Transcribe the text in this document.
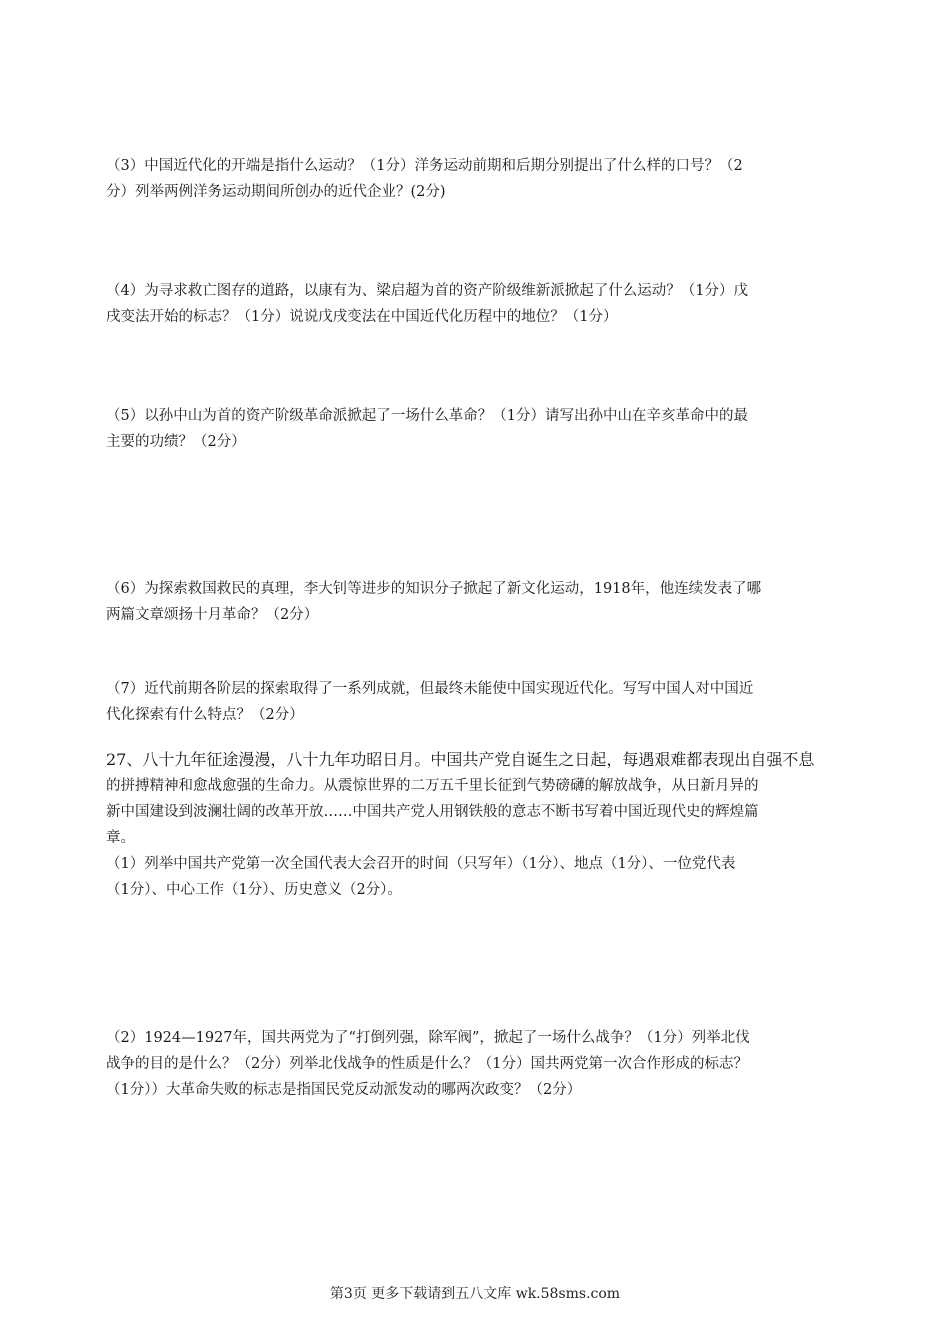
（3）中国近代化的开端是指什么运动？（1分）洋务运动前期和后期分别提出了什么样的口号？（2
分）列举两例洋务运动期间所创办的近代企业？(2分)
（4）为寻求救亡图存的道路，以康有为、梁启超为首的资产阶级维新派掀起了什么运动？（1分）戊
戌变法开始的标志？（1分）说说戊戌变法在中国近代化历程中的地位？（1分）
（5）以孙中山为首的资产阶级革命派掀起了一场什么革命？（1分）请写出孙中山在辛亥革命中的最
主要的功绩？（2分）
（6）为探索救国救民的真理，李大钊等进步的知识分子掀起了新文化运动，1918年，他连续发表了哪
两篇文章颂扬十月革命？（2分）
（7）近代前期各阶层的探索取得了一系列成就，但最终未能使中国实现近代化。写写中国人对中国近
代化探索有什么特点？（2分）
27、八十九年征途漫漫，八十九年功昭日月。中国共产党自诞生之日起，每遇艰难都表现出自强不息
的拼搏精神和愈战愈强的生命力。从震惊世界的二万五千里长征到气势磅礴的解放战争，从日新月异的
新中国建设到波澜壮阔的改革开放……中国共产党人用钢铁般的意志不断书写着中国近现代史的辉煌篇
章。
（1）列举中国共产党第一次全国代表大会召开的时间（只写年）（1分）、地点（1分）、一位党代表
（1分）、中心工作（1分）、历史意义（2分）。
（2）1924—1927年，国共两党为了“打倒列强，除军阀”，掀起了一场什么战争？（1分）列举北伐
战争的目的是什么？（2分）列举北伐战争的性质是什么？（1分）国共两党第一次合作形成的标志？
（1分））大革命失败的标志是指国民党反动派发动的哪两次政变？（2分）
第3页 更多下载请到五八文库 wk.58sms.com
